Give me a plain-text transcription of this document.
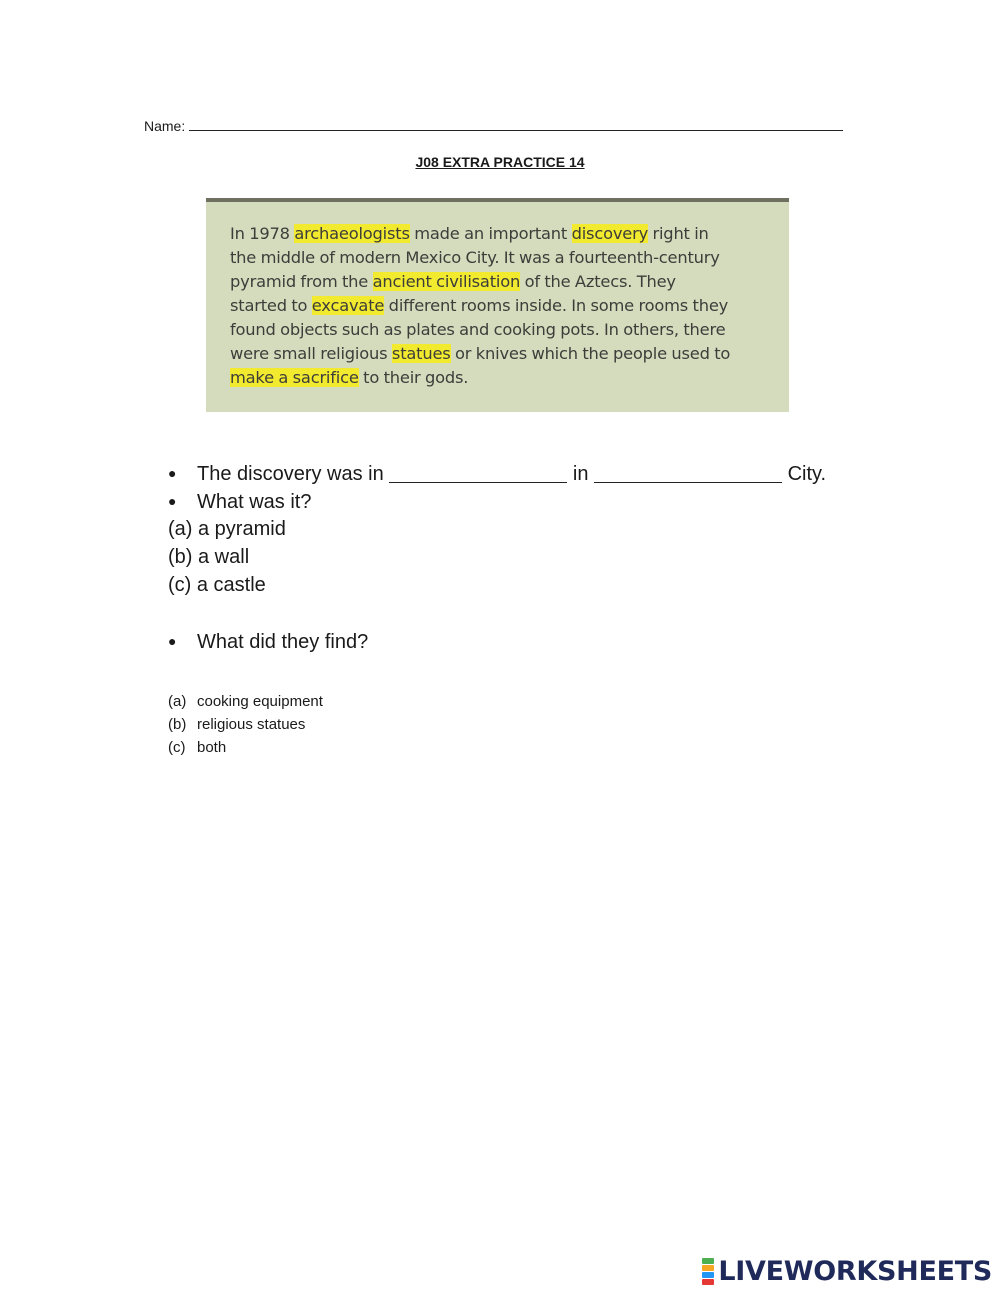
Name:
J08 EXTRA PRACTICE 14

In 1978 archaeologists made an important discovery right in

the middle of modern Mexico City. It was a fourteenth-century

pyramid from the ancient civilisation of the Aztecs. They

started to excavate different rooms inside. In some rooms they

found objects such as plates and cooking pots. In others, there

were small religious statues or knives which the people used to

make a sacrifice to their gods.

● The discovery was in	in	City.
● What was it?
(a) a pyramid
(b) a wall
(c) a castle
● What did they find?
(a) cooking equipment
(b) religious statues
(c) both
LIVEWORKSHEETS
